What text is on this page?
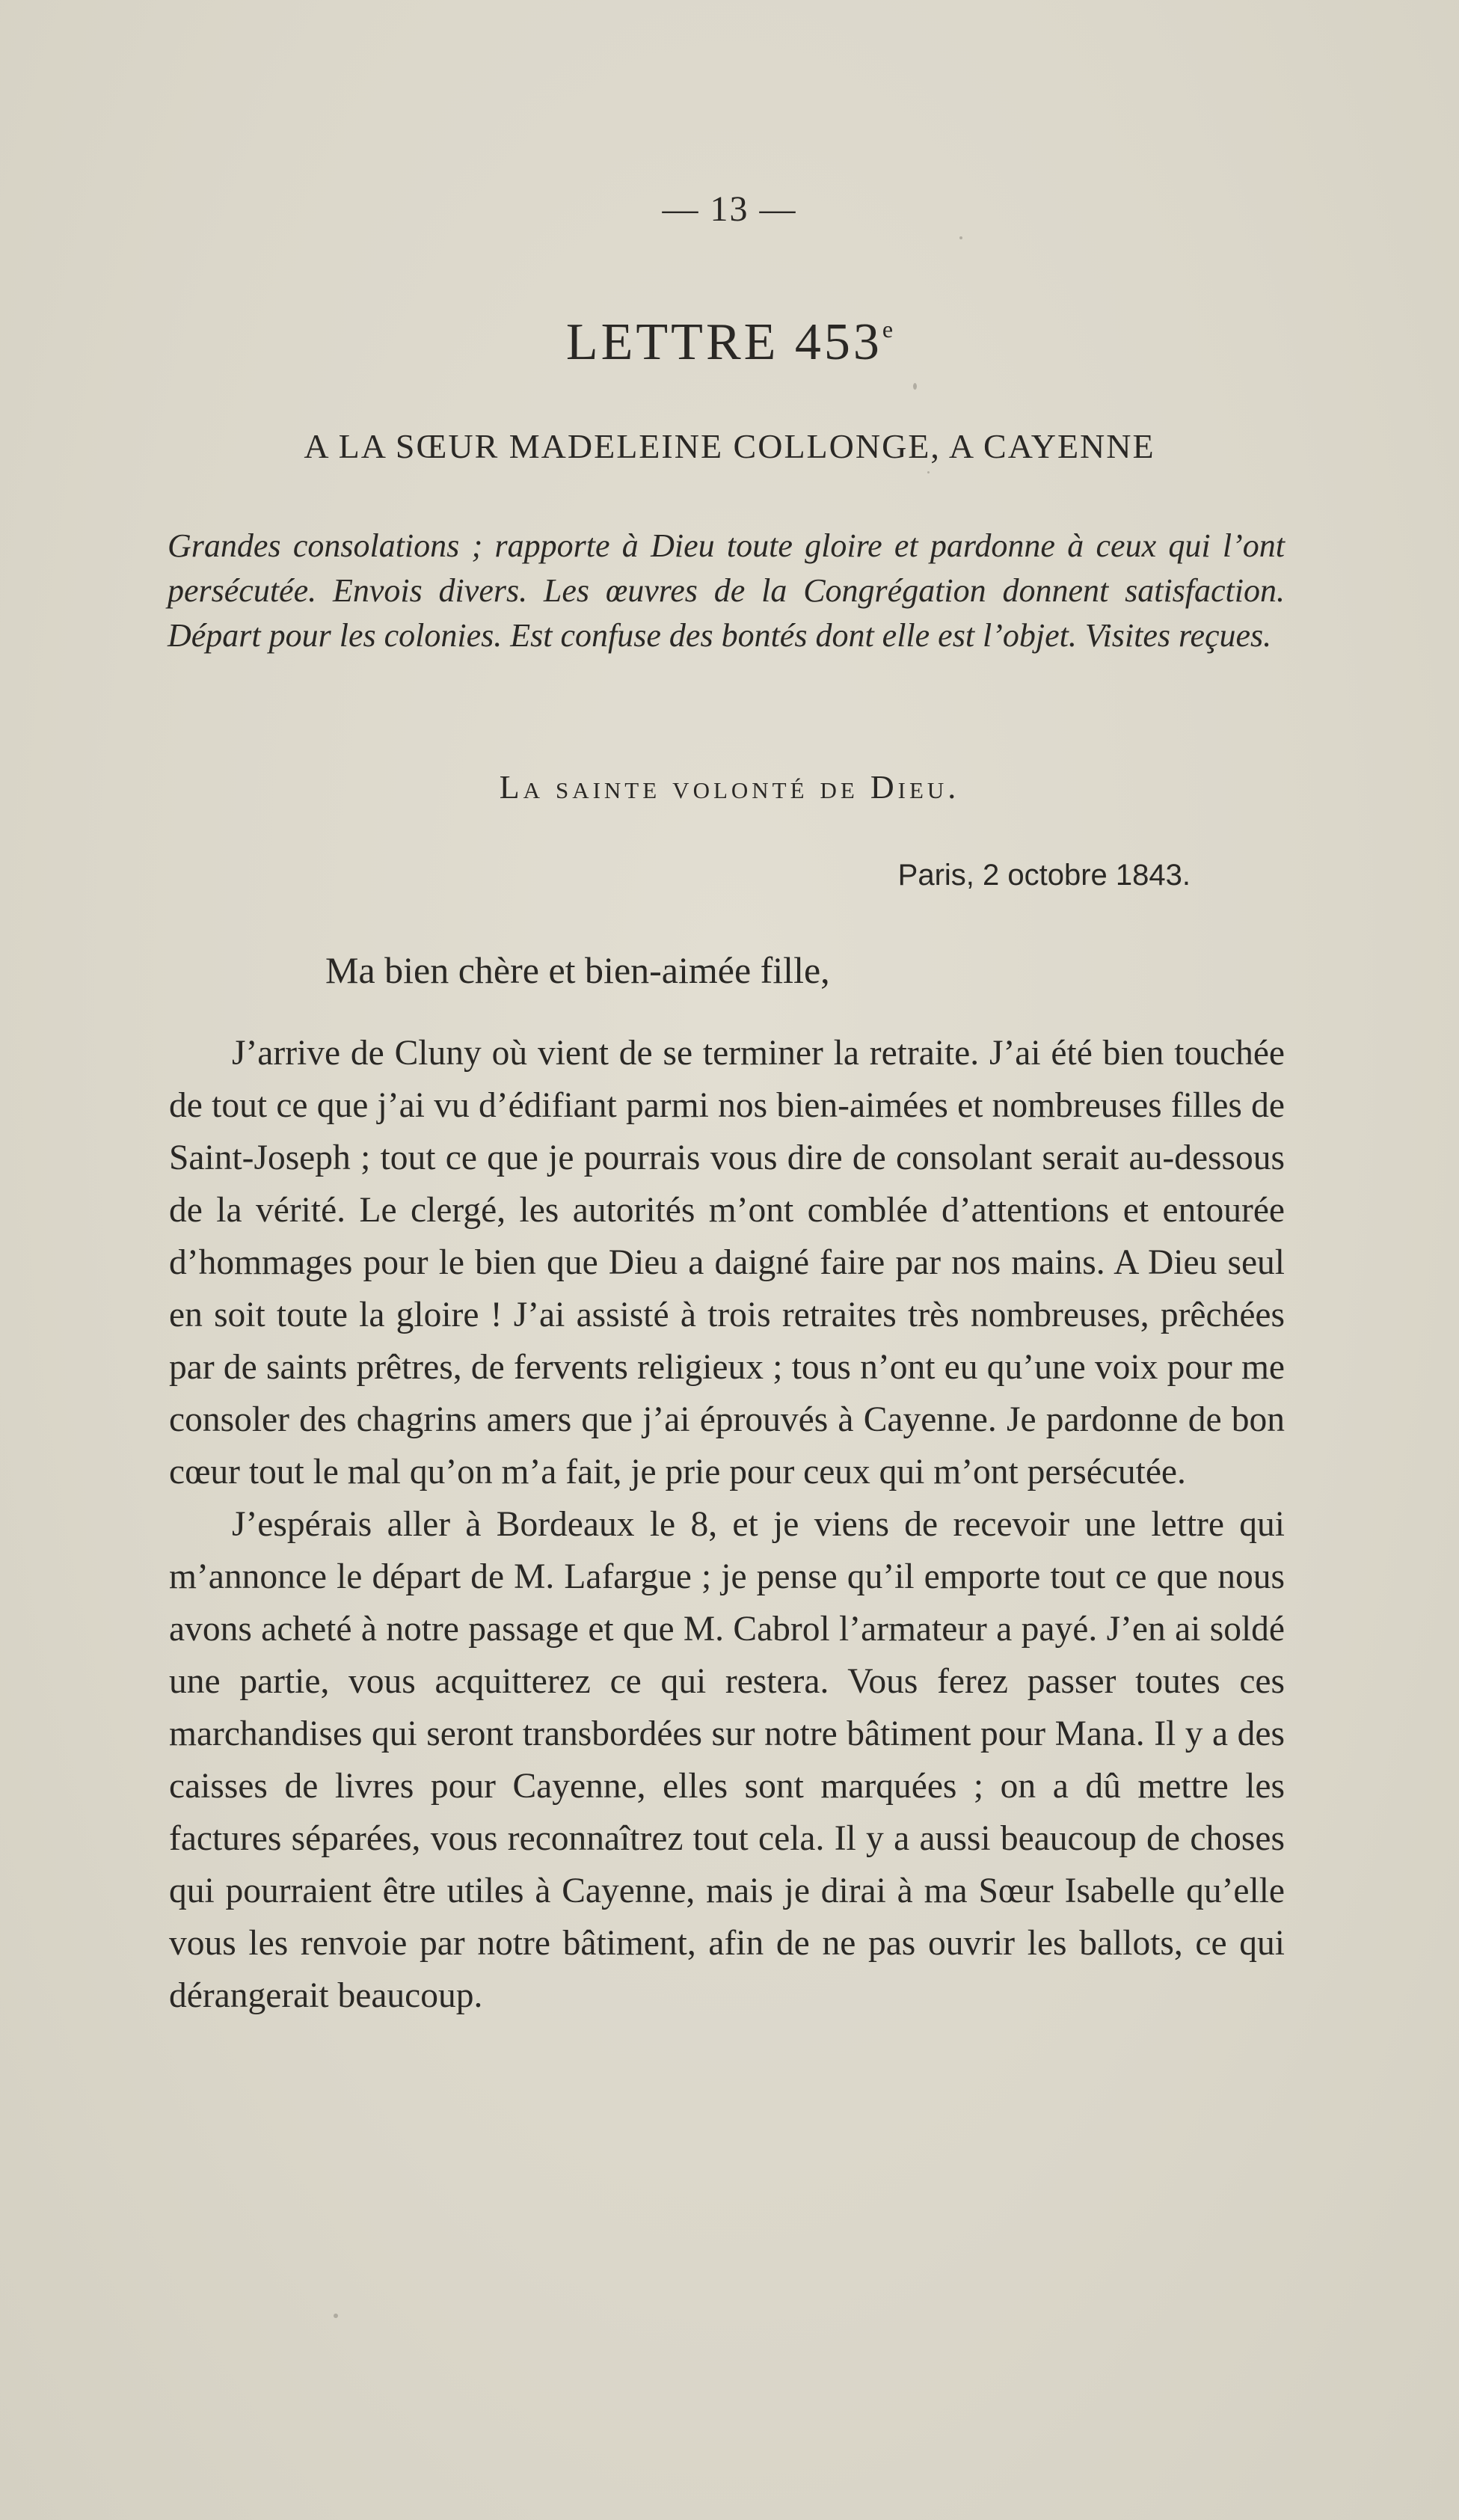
— 13 —
LETTRE 453e
A LA SŒUR MADELEINE COLLONGE, A CAYENNE
Grandes consolations ; rapporte à Dieu toute gloire et pardonne à ceux qui l’ont persécutée. Envois divers. Les œuvres de la Congrégation donnent satisfaction. Départ pour les colonies. Est confuse des bontés dont elle est l’objet. Visites reçues.
La sainte volonté de Dieu.
Paris, 2 octobre 1843.
Ma bien chère et bien-aimée fille,

J’arrive de Cluny où vient de se terminer la retraite. J’ai été bien touchée de tout ce que j’ai vu d’édifiant parmi nos bien-aimées et nombreuses filles de Saint-Joseph ; tout ce que je pourrais vous dire de consolant serait au-dessous de la vérité. Le clergé, les autorités m’ont comblée d’attentions et entourée d’hommages pour le bien que Dieu a daigné faire par nos mains. A Dieu seul en soit toute la gloire ! J’ai assisté à trois retraites très nombreuses, prêchées par de saints prêtres, de fervents religieux ; tous n’ont eu qu’une voix pour me consoler des chagrins amers que j’ai éprouvés à Cayenne. Je pardonne de bon cœur tout le mal qu’on m’a fait, je prie pour ceux qui m’ont persécutée.

J’espérais aller à Bordeaux le 8, et je viens de recevoir une lettre qui m’annonce le départ de M. Lafargue ; je pense qu’il emporte tout ce que nous avons acheté à notre passage et que M. Cabrol l’armateur a payé. J’en ai soldé une partie, vous acquitterez ce qui restera. Vous ferez passer toutes ces marchandises qui seront transbordées sur notre bâtiment pour Mana. Il y a des caisses de livres pour Cayenne, elles sont marquées ; on a dû mettre les factures séparées, vous reconnaîtrez tout cela. Il y a aussi beaucoup de choses qui pourraient être utiles à Cayenne, mais je dirai à ma Sœur Isabelle qu’elle vous les renvoie par notre bâtiment, afin de ne pas ouvrir les ballots, ce qui dérangerait beaucoup.
